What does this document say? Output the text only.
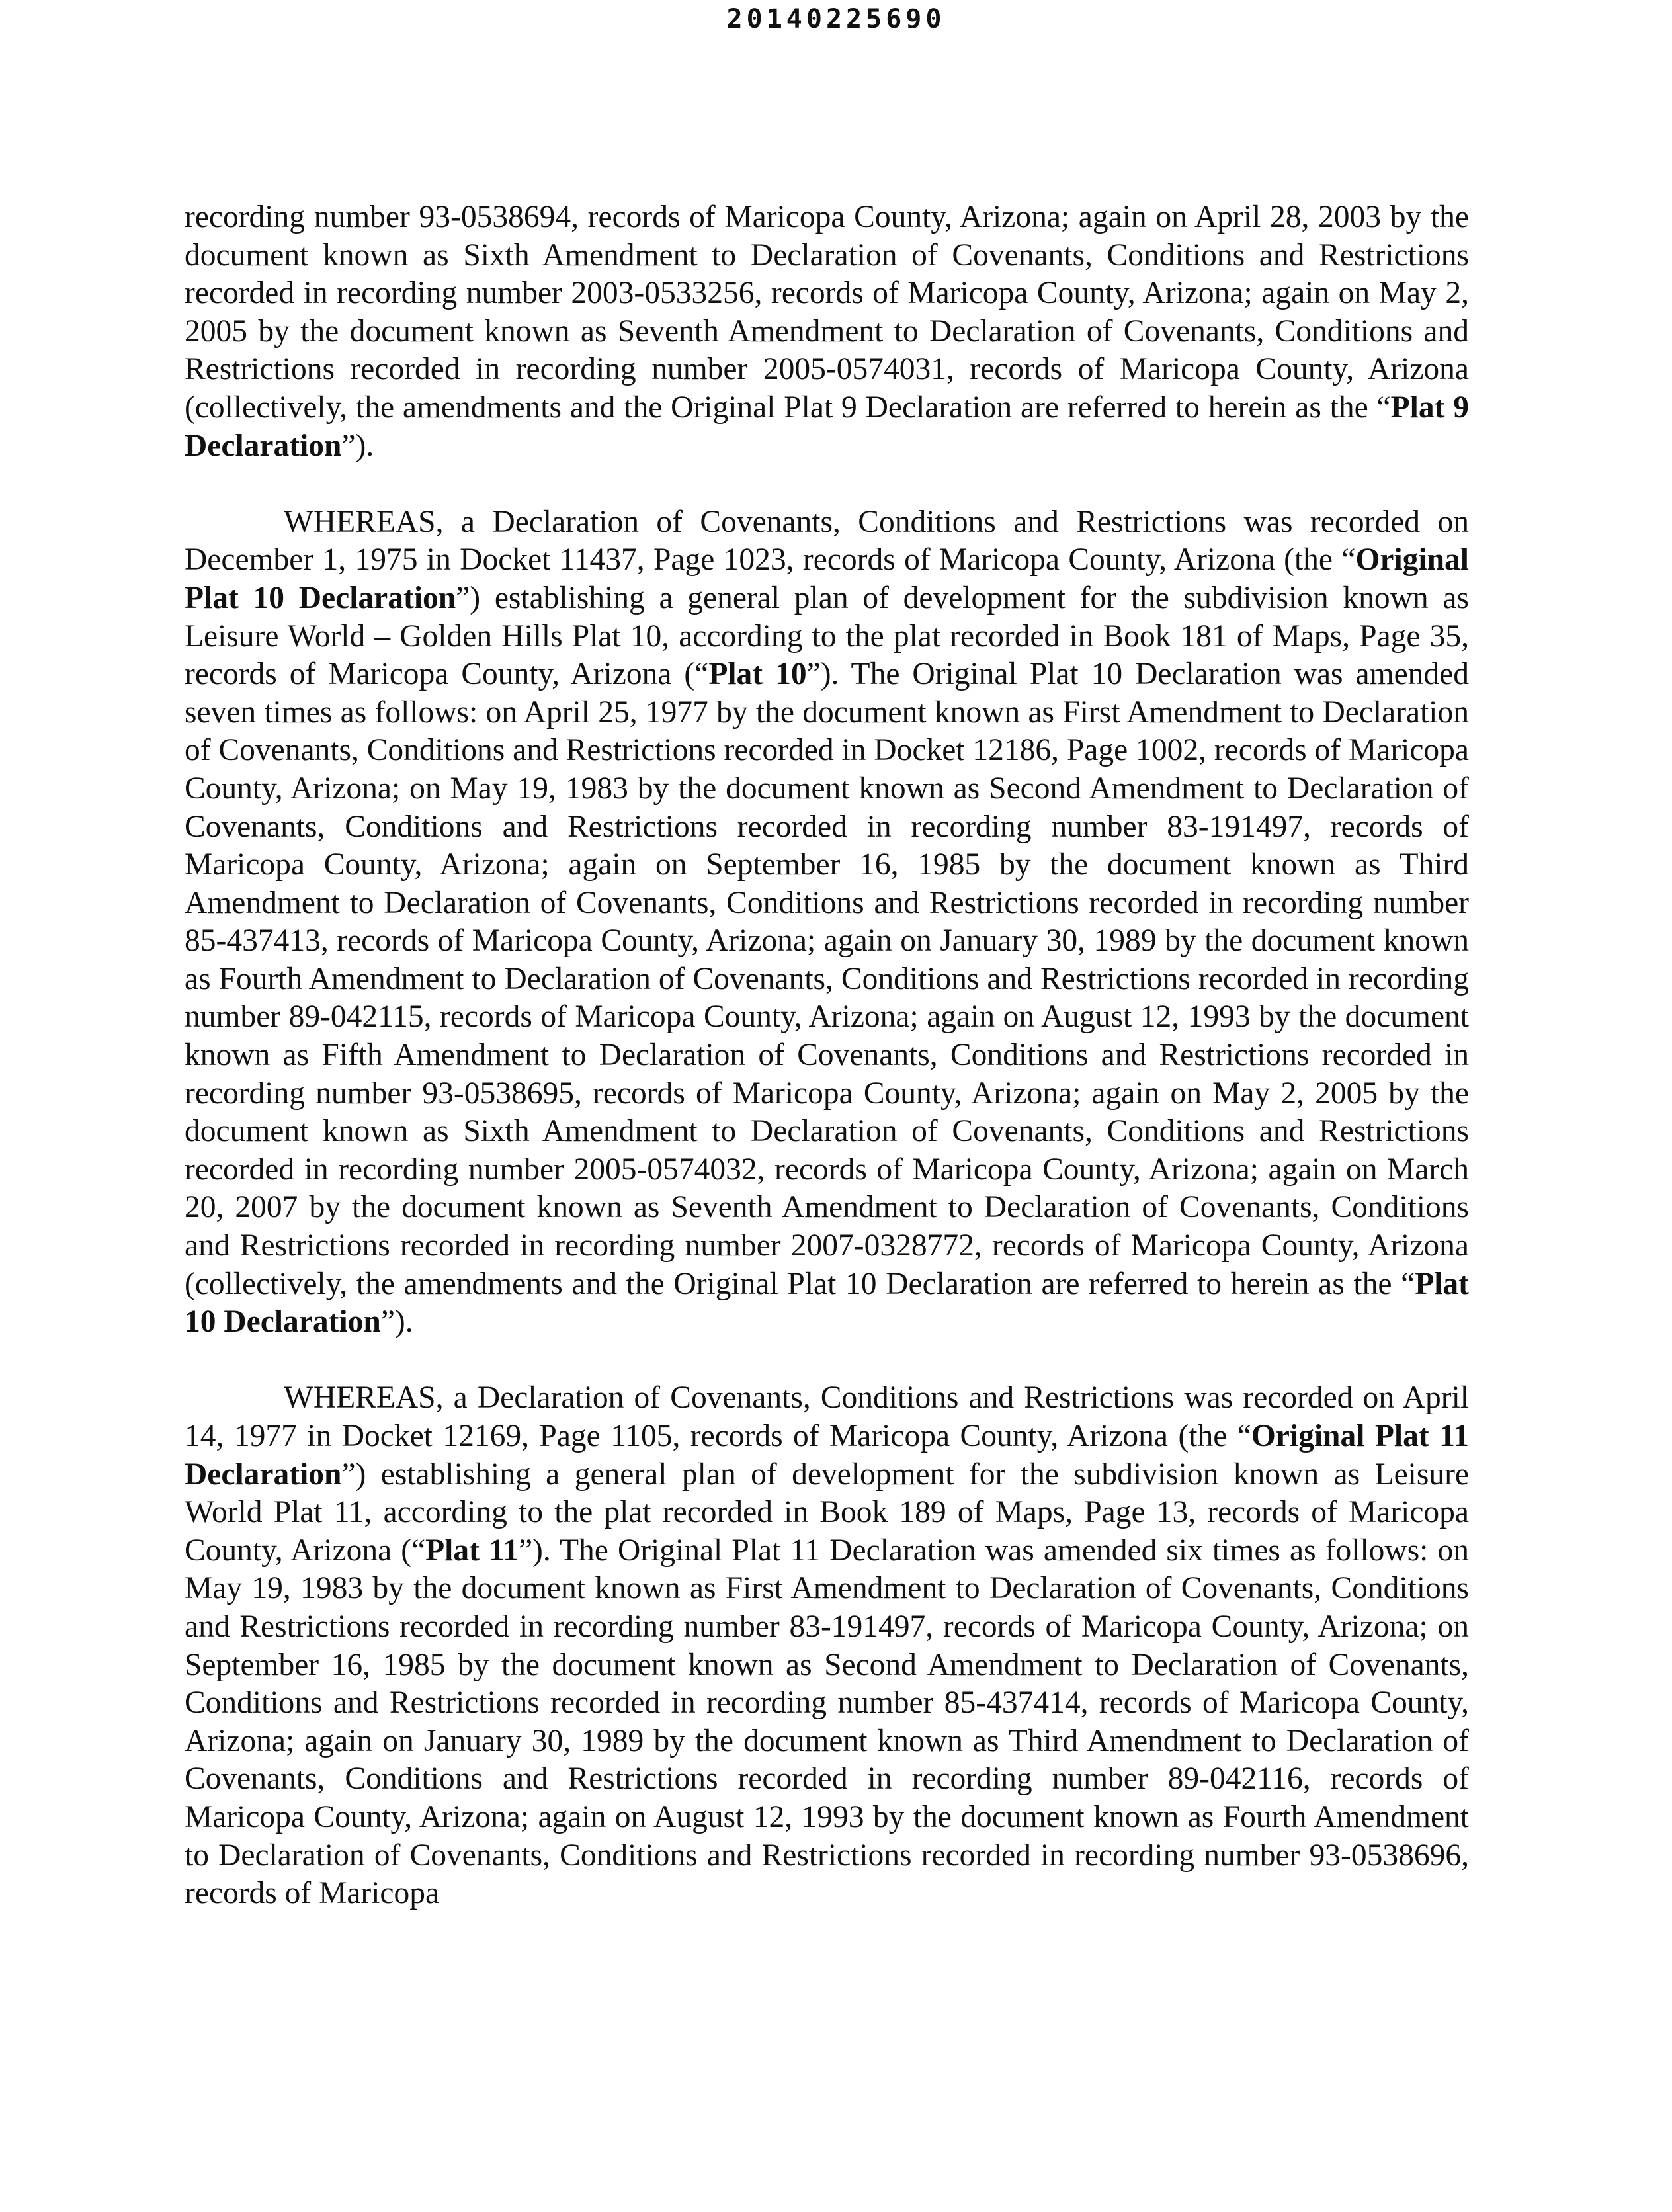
20140225690

recording number 93-0538694, records of Maricopa County, Arizona; again on April 28, 2003 by the document known as Sixth Amendment to Declaration of Covenants, Conditions and Restrictions recorded in recording number 2003-0533256, records of Maricopa County, Arizona; again on May 2, 2005 by the document known as Seventh Amendment to Declaration of Covenants, Conditions and Restrictions recorded in recording number 2005-0574031, records of Maricopa County, Arizona (collectively, the amendments and the Original Plat 9 Declaration are referred to herein as the “Plat 9 Declaration”).

WHEREAS, a Declaration of Covenants, Conditions and Restrictions was recorded on December 1, 1975 in Docket 11437, Page 1023, records of Maricopa County, Arizona (the “Original Plat 10 Declaration”) establishing a general plan of development for the subdivision known as Leisure World – Golden Hills Plat 10, according to the plat recorded in Book 181 of Maps, Page 35, records of Maricopa County, Arizona (“Plat 10”). The Original Plat 10 Declaration was amended seven times as follows: on April 25, 1977 by the document known as First Amendment to Declaration of Covenants, Conditions and Restrictions recorded in Docket 12186, Page 1002, records of Maricopa County, Arizona; on May 19, 1983 by the document known as Second Amendment to Declaration of Covenants, Conditions and Restrictions recorded in recording number 83-191497, records of Maricopa County, Arizona; again on September 16, 1985 by the document known as Third Amendment to Declaration of Covenants, Conditions and Restrictions recorded in recording number 85-437413, records of Maricopa County, Arizona; again on January 30, 1989 by the document known as Fourth Amendment to Declaration of Covenants, Conditions and Restrictions recorded in recording number 89-042115, records of Maricopa County, Arizona; again on August 12, 1993 by the document known as Fifth Amendment to Declaration of Covenants, Conditions and Restrictions recorded in recording number 93-0538695, records of Maricopa County, Arizona; again on May 2, 2005 by the document known as Sixth Amendment to Declaration of Covenants, Conditions and Restrictions recorded in recording number 2005-0574032, records of Maricopa County, Arizona; again on March 20, 2007 by the document known as Seventh Amendment to Declaration of Covenants, Conditions and Restrictions recorded in recording number 2007-0328772, records of Maricopa County, Arizona (collectively, the amendments and the Original Plat 10 Declaration are referred to herein as the “Plat 10 Declaration”).

WHEREAS, a Declaration of Covenants, Conditions and Restrictions was recorded on April 14, 1977 in Docket 12169, Page 1105, records of Maricopa County, Arizona (the “Original Plat 11 Declaration”) establishing a general plan of development for the subdivision known as Leisure World Plat 11, according to the plat recorded in Book 189 of Maps, Page 13, records of Maricopa County, Arizona (“Plat 11”). The Original Plat 11 Declaration was amended six times as follows: on May 19, 1983 by the document known as First Amendment to Declaration of Covenants, Conditions and Restrictions recorded in recording number 83-191497, records of Maricopa County, Arizona; on September 16, 1985 by the document known as Second Amendment to Declaration of Covenants, Conditions and Restrictions recorded in recording number 85-437414, records of Maricopa County, Arizona; again on January 30, 1989 by the document known as Third Amendment to Declaration of Covenants, Conditions and Restrictions recorded in recording number 89-042116, records of Maricopa County, Arizona; again on August 12, 1993 by the document known as Fourth Amendment to Declaration of Covenants, Conditions and Restrictions recorded in recording number 93-0538696, records of Maricopa
